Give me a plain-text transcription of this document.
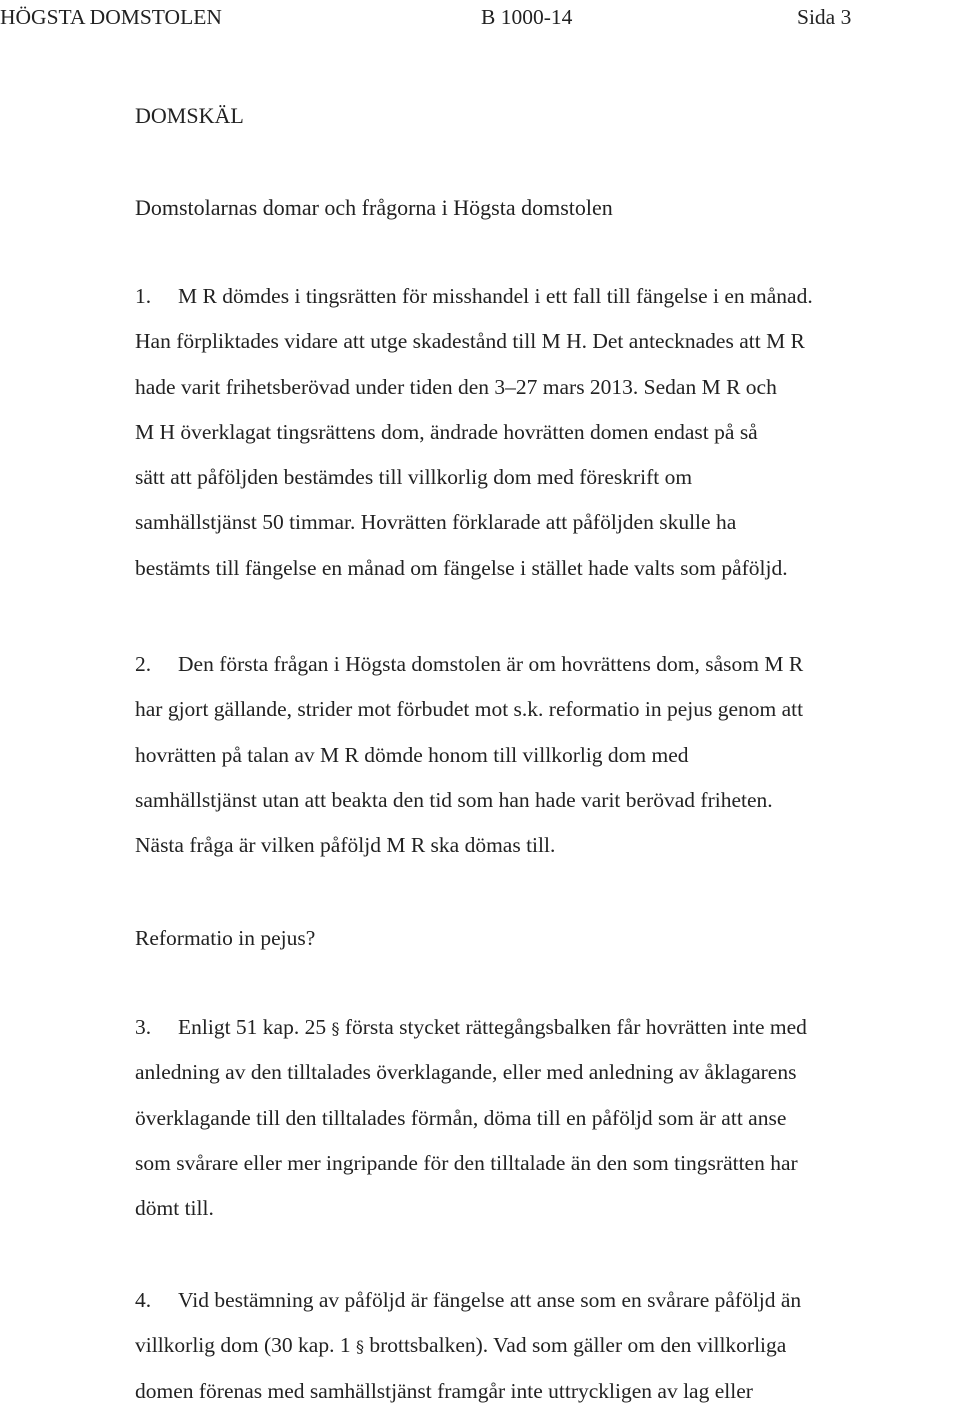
HÖGSTA DOMSTOLEN	B 1000-14	Sida 3
DOMSKÄL
Domstolarnas domar och frågorna i Högsta domstolen
1. M R dömdes i tingsrätten för misshandel i ett fall till fängelse i en månad.
Han förpliktades vidare att utge skadestånd till M H. Det antecknades att M R
hade varit frihetsberövad under tiden den 3–27 mars 2013. Sedan M R och
M H överklagat tingsrättens dom, ändrade hovrätten domen endast på så
sätt att påföljden bestämdes till villkorlig dom med föreskrift om
samhällstjänst 50 timmar. Hovrätten förklarade att påföljden skulle ha
bestämts till fängelse en månad om fängelse i stället hade valts som påföljd.
2. Den första frågan i Högsta domstolen är om hovrättens dom, såsom M R
har gjort gällande, strider mot förbudet mot s.k. reformatio in pejus genom att
hovrätten på talan av M R dömde honom till villkorlig dom med
samhällstjänst utan att beakta den tid som han hade varit berövad friheten.
Nästa fråga är vilken påföljd M R ska dömas till.
Reformatio in pejus?
3. Enligt 51 kap. 25 § första stycket rättegångsbalken får hovrätten inte med
anledning av den tilltalades överklagande, eller med anledning av åklagarens
överklagande till den tilltalades förmån, döma till en påföljd som är att anse
som svårare eller mer ingripande för den tilltalade än den som tingsrätten har
dömt till.
4. Vid bestämning av påföljd är fängelse att anse som en svårare påföljd än
villkorlig dom (30 kap. 1 § brottsbalken). Vad som gäller om den villkorliga
domen förenas med samhällstjänst framgår inte uttryckligen av lag eller
